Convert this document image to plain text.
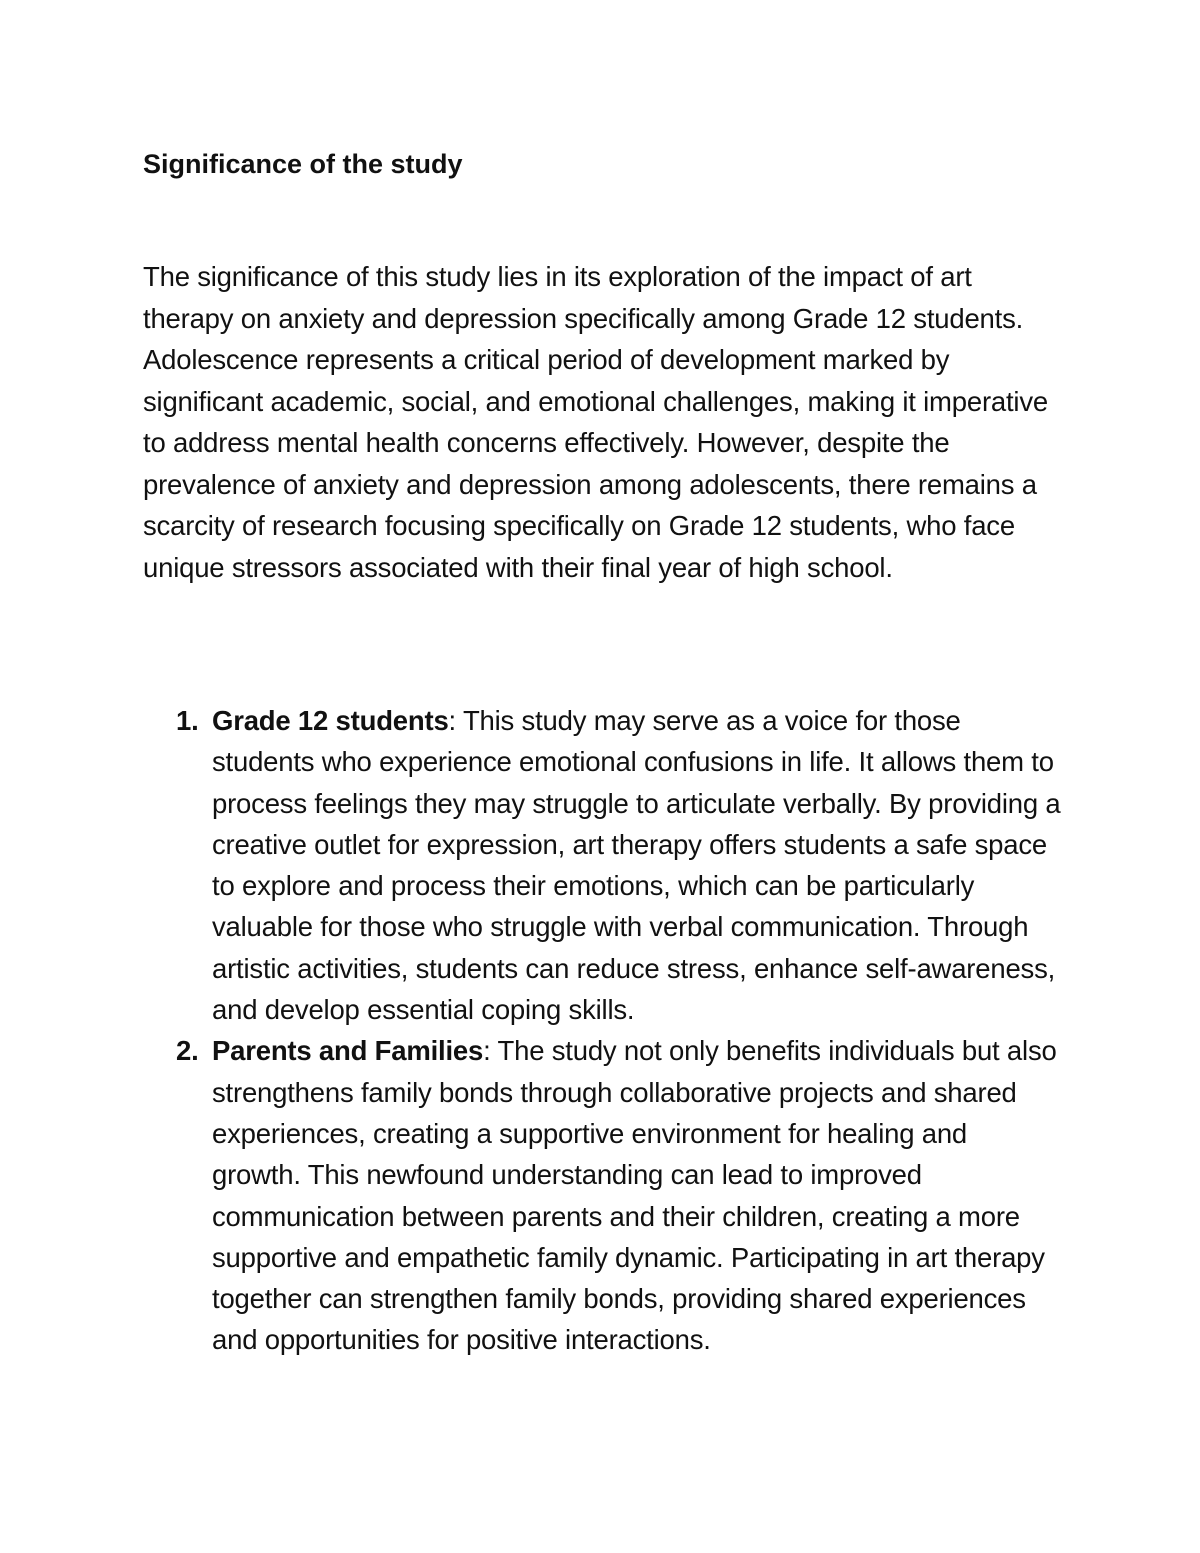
Significance of the study

The significance of this study lies in its exploration of the impact of art therapy on anxiety and depression specifically among Grade 12 students. Adolescence represents a critical period of development marked by significant academic, social, and emotional challenges, making it imperative to address mental health concerns effectively. However, despite the prevalence of anxiety and depression among adolescents, there remains a scarcity of research focusing specifically on Grade 12 students, who face unique stressors associated with their final year of high school.

1. Grade 12 students: This study may serve as a voice for those students who experience emotional confusions in life. It allows them to process feelings they may struggle to articulate verbally. By providing a creative outlet for expression, art therapy offers students a safe space to explore and process their emotions, which can be particularly valuable for those who struggle with verbal communication. Through artistic activities, students can reduce stress, enhance self-awareness, and develop essential coping skills.
2. Parents and Families: The study not only benefits individuals but also strengthens family bonds through collaborative projects and shared experiences, creating a supportive environment for healing and growth. This newfound understanding can lead to improved communication between parents and their children, creating a more supportive and empathetic family dynamic. Participating in art therapy together can strengthen family bonds, providing shared experiences and opportunities for positive interactions.
